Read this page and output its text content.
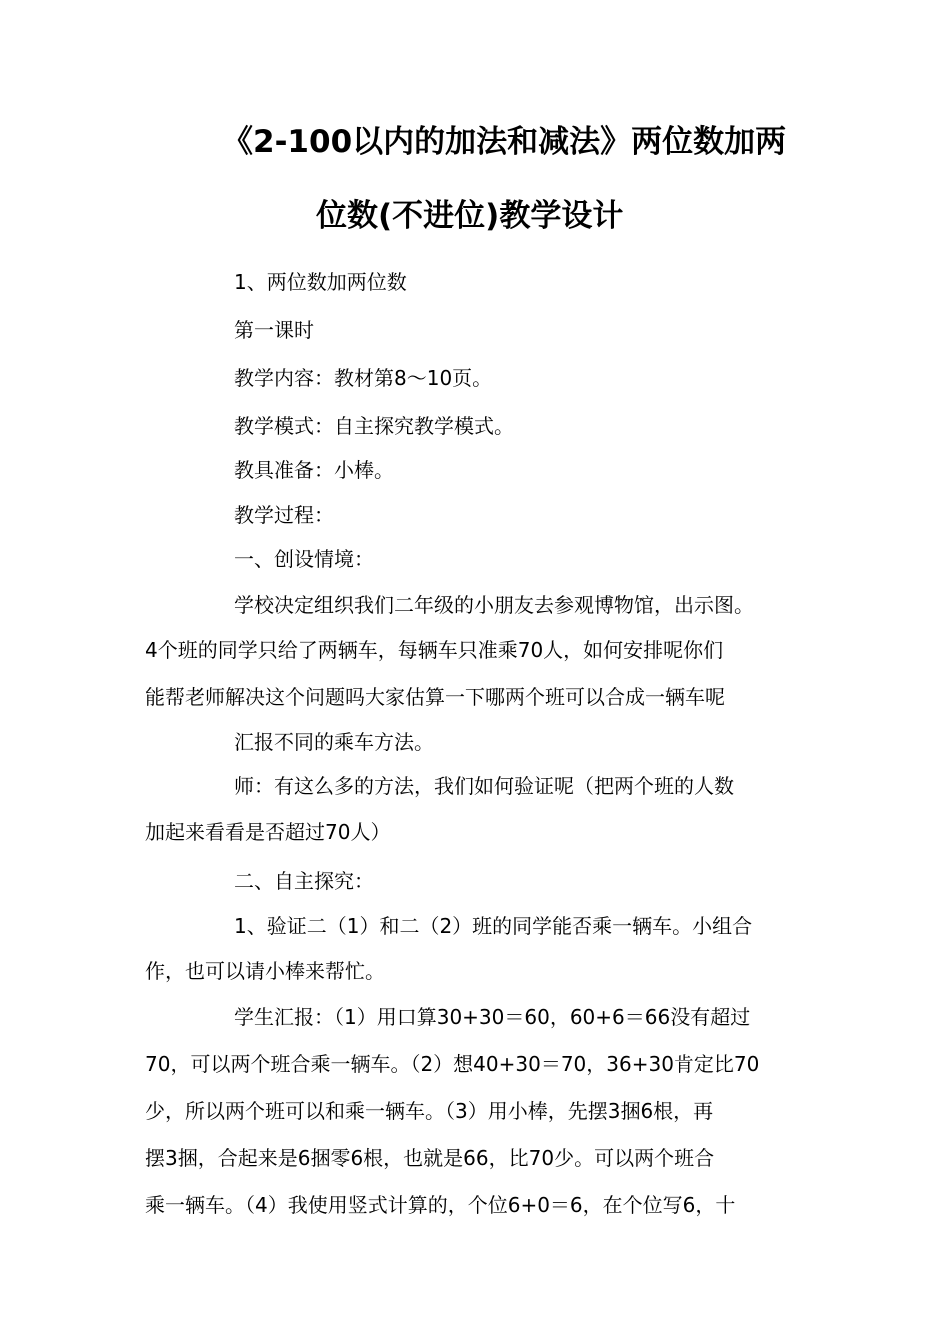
《2-100以内的加法和减法》两位数加两
位数(不进位)教学设计
1、两位数加两位数
第一课时
教学内容：教材第8～10页。
教学模式：自主探究教学模式。
教具准备：小棒。
教学过程：
一、创设情境：
学校决定组织我们二年级的小朋友去参观博物馆，出示图。
4个班的同学只给了两辆车，每辆车只准乘70人，如何安排呢你们
能帮老师解决这个问题吗大家估算一下哪两个班可以合成一辆车呢
汇报不同的乘车方法。
师：有这么多的方法，我们如何验证呢（把两个班的人数
加起来看看是否超过70人）
二、自主探究：
1、验证二（1）和二（2）班的同学能否乘一辆车。小组合
作，也可以请小棒来帮忙。
学生汇报：（1）用口算30+30＝60，60+6＝66没有超过
70，可以两个班合乘一辆车。（2）想40+30＝70，36+30肯定比70
少，所以两个班可以和乘一辆车。（3）用小棒，先摆3捆6根，再
摆3捆，合起来是6捆零6根，也就是66，比70少。可以两个班合
乘一辆车。（4）我使用竖式计算的，个位6+0＝6，在个位写6，十
